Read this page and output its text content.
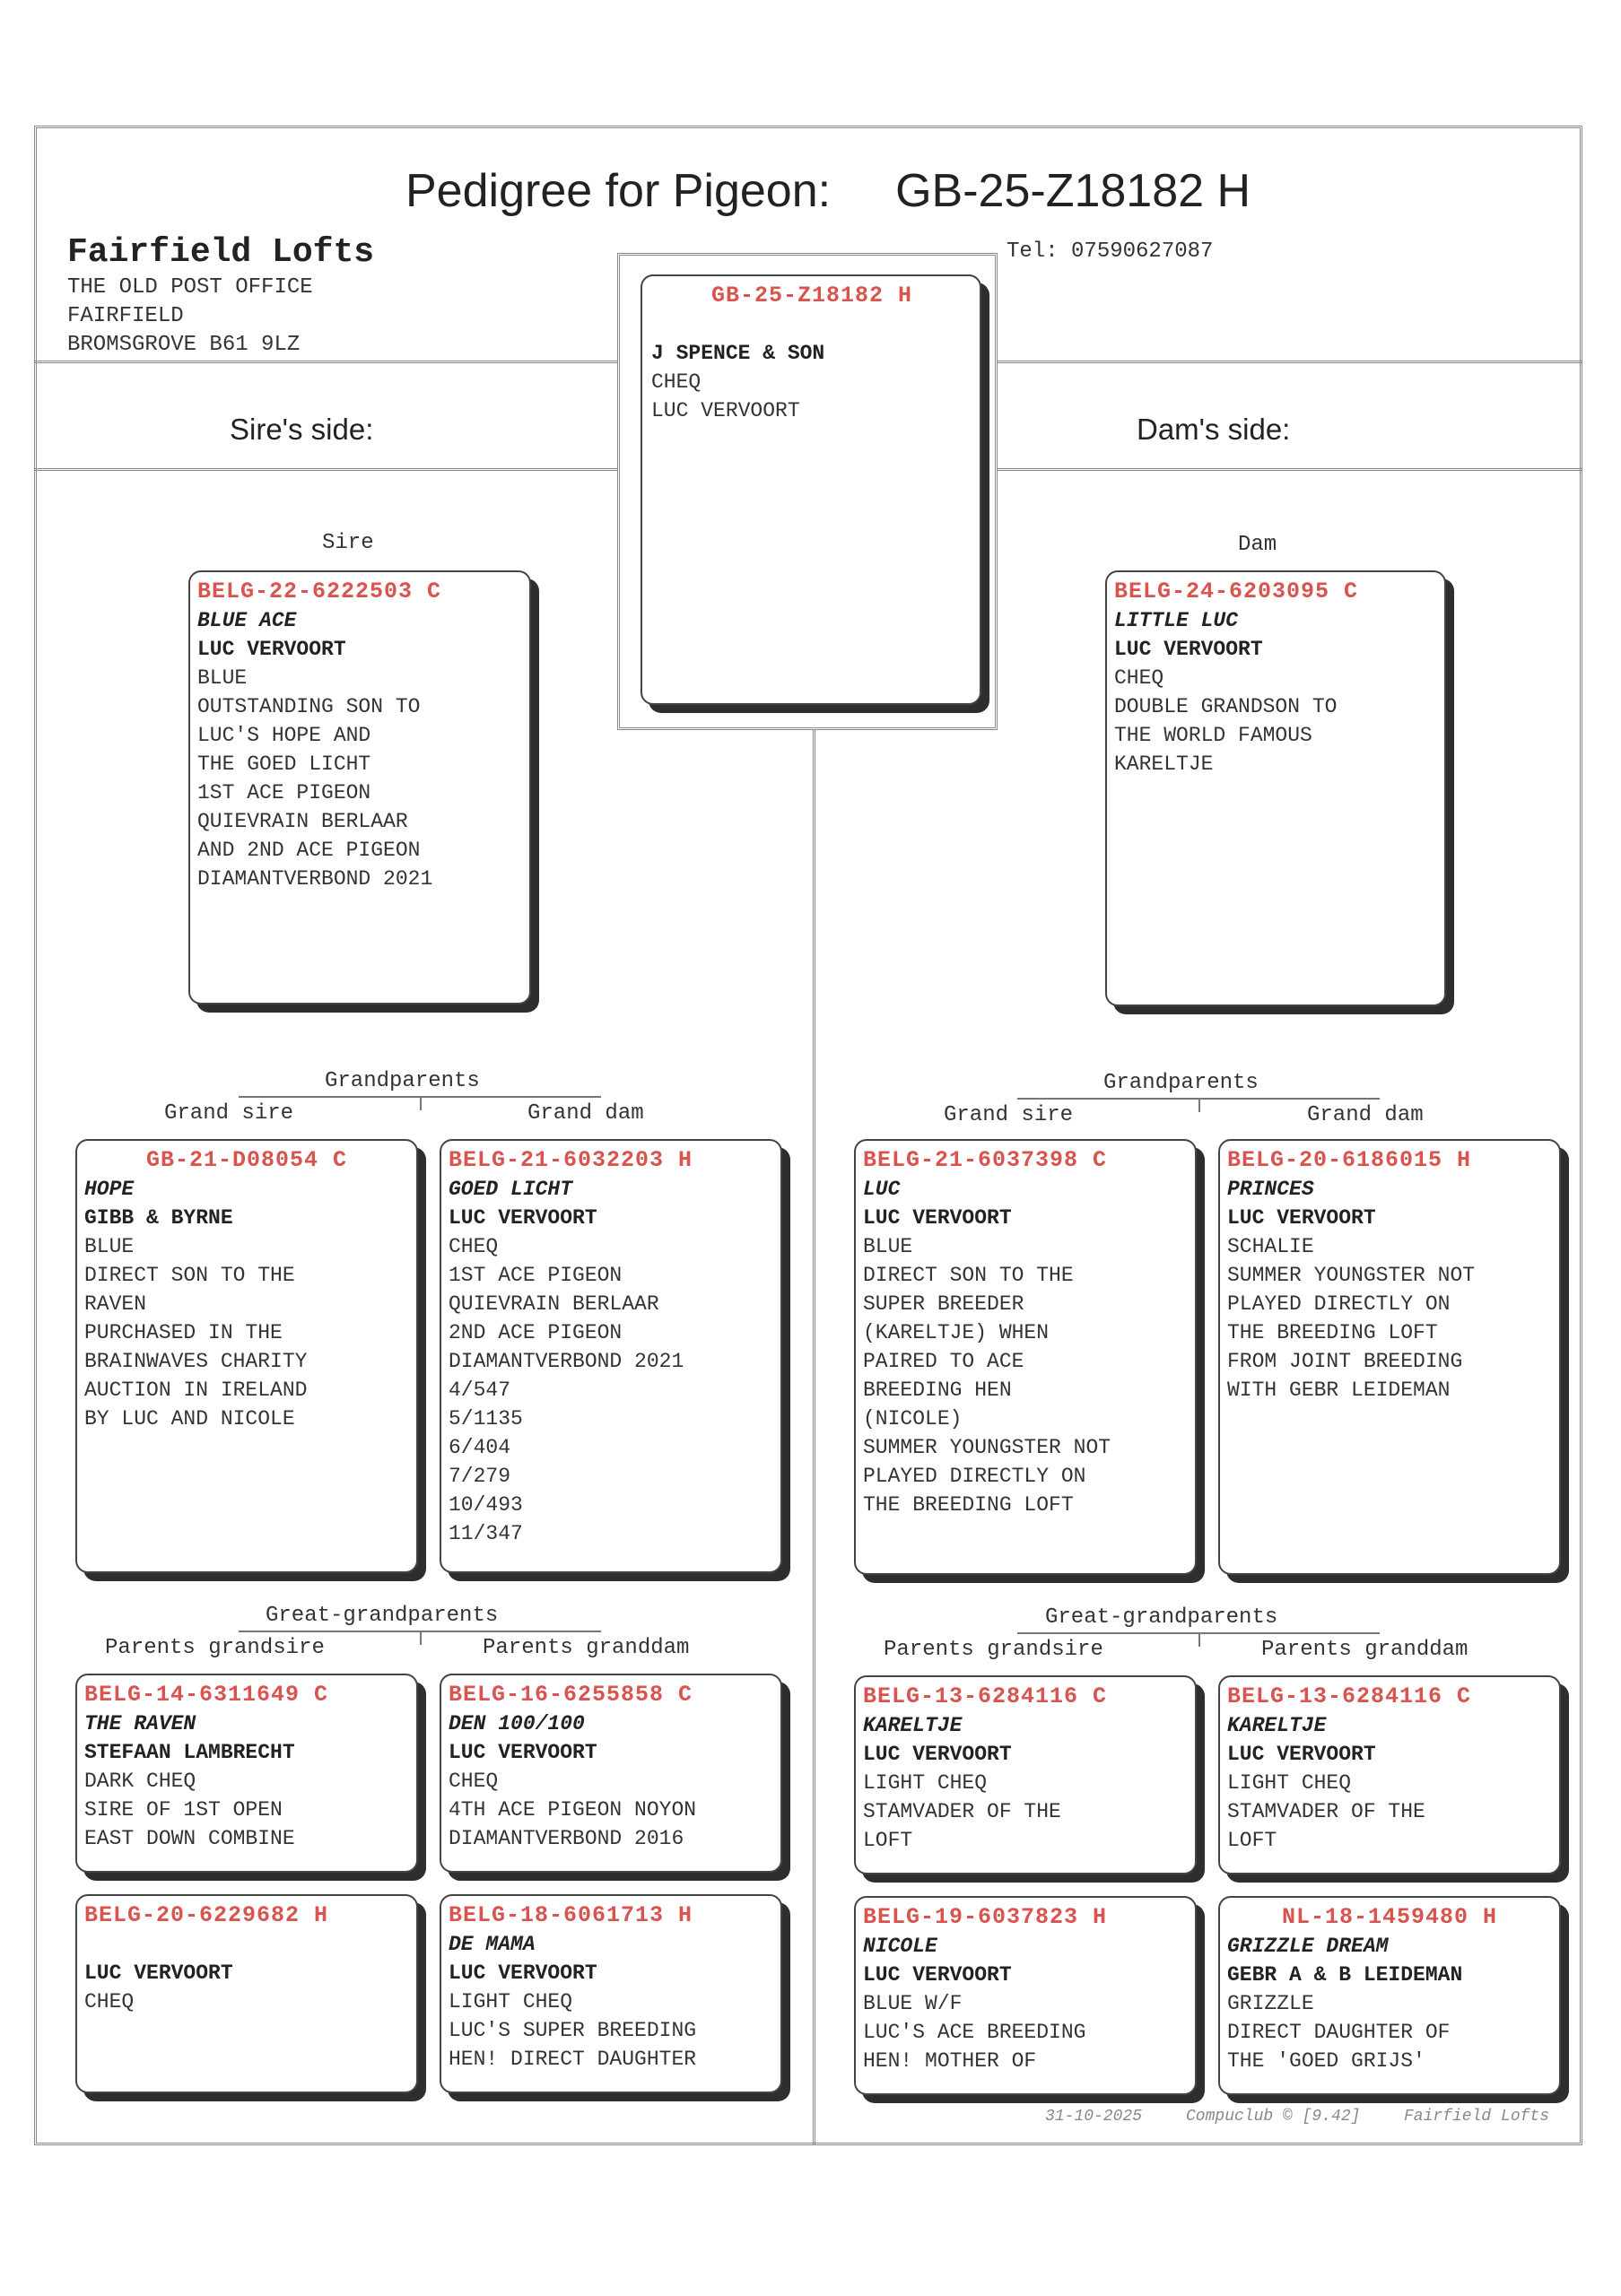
Pedigree for Pigeon: GB-25-Z18182 H
Fairfield Lofts
THE OLD POST OFFICE
FAIRFIELD
BROMSGROVE B61 9LZ
Tel: 07590627087
Sire's side:	Dam's side:
GB-25-Z18182 H
J SPENCE & SON
CHEQ
LUC VERVOORT
Sire
BELG-22-6222503 C
BLUE ACE
LUC VERVOORT
BLUE
OUTSTANDING SON TO
LUC'S HOPE AND
THE GOED LICHT
1ST ACE PIGEON
QUIEVRAIN BERLAAR
AND 2ND ACE PIGEON
DIAMANTVERBOND 2021
Dam
BELG-24-6203095 C
LITTLE LUC
LUC VERVOORT
CHEQ
DOUBLE GRANDSON TO
THE WORLD FAMOUS
KARELTJE
Grandparents
Grand sire	Grand dam
Grandparents
Grand sire	Grand dam
GB-21-D08054 C
HOPE
GIBB & BYRNE
BLUE
DIRECT SON TO THE
RAVEN
PURCHASED IN THE
BRAINWAVES CHARITY
AUCTION IN IRELAND
BY LUC AND NICOLE
BELG-21-6032203 H
GOED LICHT
LUC VERVOORT
CHEQ
1ST ACE PIGEON
QUIEVRAIN BERLAAR
2ND ACE PIGEON
DIAMANTVERBOND 2021
4/547
5/1135
6/404
7/279
10/493
11/347
BELG-21-6037398 C
LUC
LUC VERVOORT
BLUE
DIRECT SON TO THE
SUPER BREEDER
(KARELTJE) WHEN
PAIRED TO ACE
BREEDING HEN
(NICOLE)
SUMMER YOUNGSTER NOT
PLAYED DIRECTLY ON
THE BREEDING LOFT
BELG-20-6186015 H
PRINCES
LUC VERVOORT
SCHALIE
SUMMER YOUNGSTER NOT
PLAYED DIRECTLY ON
THE BREEDING LOFT
FROM JOINT BREEDING
WITH GEBR LEIDEMAN
Great-grandparents
Parents grandsire	Parents granddam
Great-grandparents
Parents grandsire	Parents granddam
BELG-14-6311649 C
THE RAVEN
STEFAAN LAMBRECHT
DARK CHEQ
SIRE OF 1ST OPEN
EAST DOWN COMBINE
BELG-16-6255858 C
DEN 100/100
LUC VERVOORT
CHEQ
4TH ACE PIGEON NOYON
DIAMANTVERBOND 2016
BELG-13-6284116 C
KARELTJE
LUC VERVOORT
LIGHT CHEQ
STAMVADER OF THE
LOFT
BELG-13-6284116 C
KARELTJE
LUC VERVOORT
LIGHT CHEQ
STAMVADER OF THE
LOFT
BELG-20-6229682 H
LUC VERVOORT
CHEQ
BELG-18-6061713 H
DE MAMA
LUC VERVOORT
LIGHT CHEQ
LUC'S SUPER BREEDING
HEN! DIRECT DAUGHTER
BELG-19-6037823 H
NICOLE
LUC VERVOORT
BLUE W/F
LUC'S ACE BREEDING
HEN! MOTHER OF
NL-18-1459480 H
GRIZZLE DREAM
GEBR A & B LEIDEMAN
GRIZZLE
DIRECT DAUGHTER OF
THE 'GOED GRIJS'
31-10-2025	Compuclub © [9.42]	Fairfield Lofts
